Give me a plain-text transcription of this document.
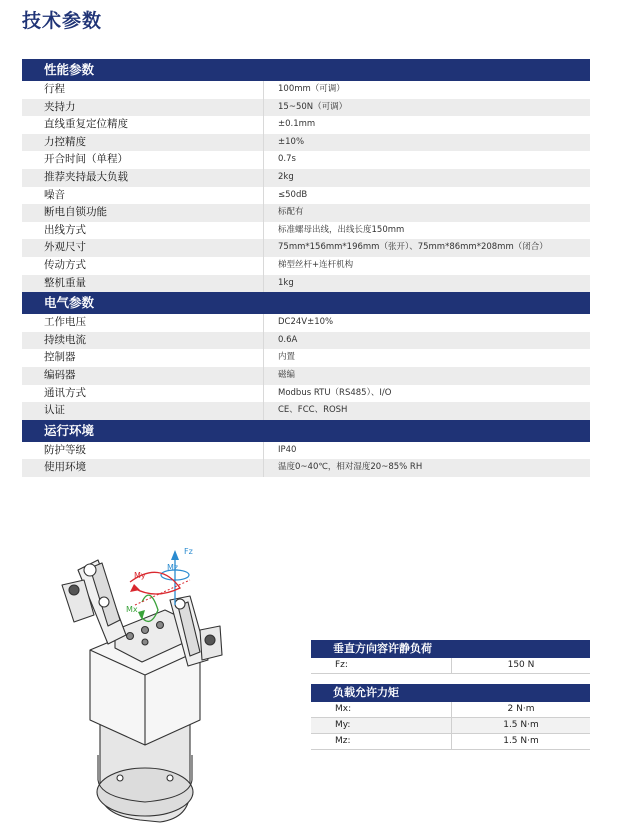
技术参数
性能参数
行程	100mm（可调）
夹持力	15~50N（可调）
直线重复定位精度	±0.1mm
力控精度	±10%
开合时间（单程）	0.7s
推荐夹持最大负载	2kg
噪音	≤50dB
断电自锁功能	标配有
出线方式	标准螺母出线，出线长度150mm
外观尺寸	75mm*156mm*196mm（张开）、75mm*86mm*208mm（闭合）
传动方式	梯型丝杆+连杆机构
整机重量	1kg
电气参数
工作电压	DC24V±10%
持续电流	0.6A
控制器	内置
编码器	磁编
通讯方式	Modbus RTU（RS485）、I/O
认证	CE、FCC、ROSH
运行环境
防护等级	IP40
使用环境	温度0~40℃，相对湿度20~85% RH
Fz
My
Mz
Mx
垂直方向容许静负荷
Fz:	150 N
负载允许力矩
Mx:	2 N·m
My:	1.5 N·m
Mz:	1.5 N·m
